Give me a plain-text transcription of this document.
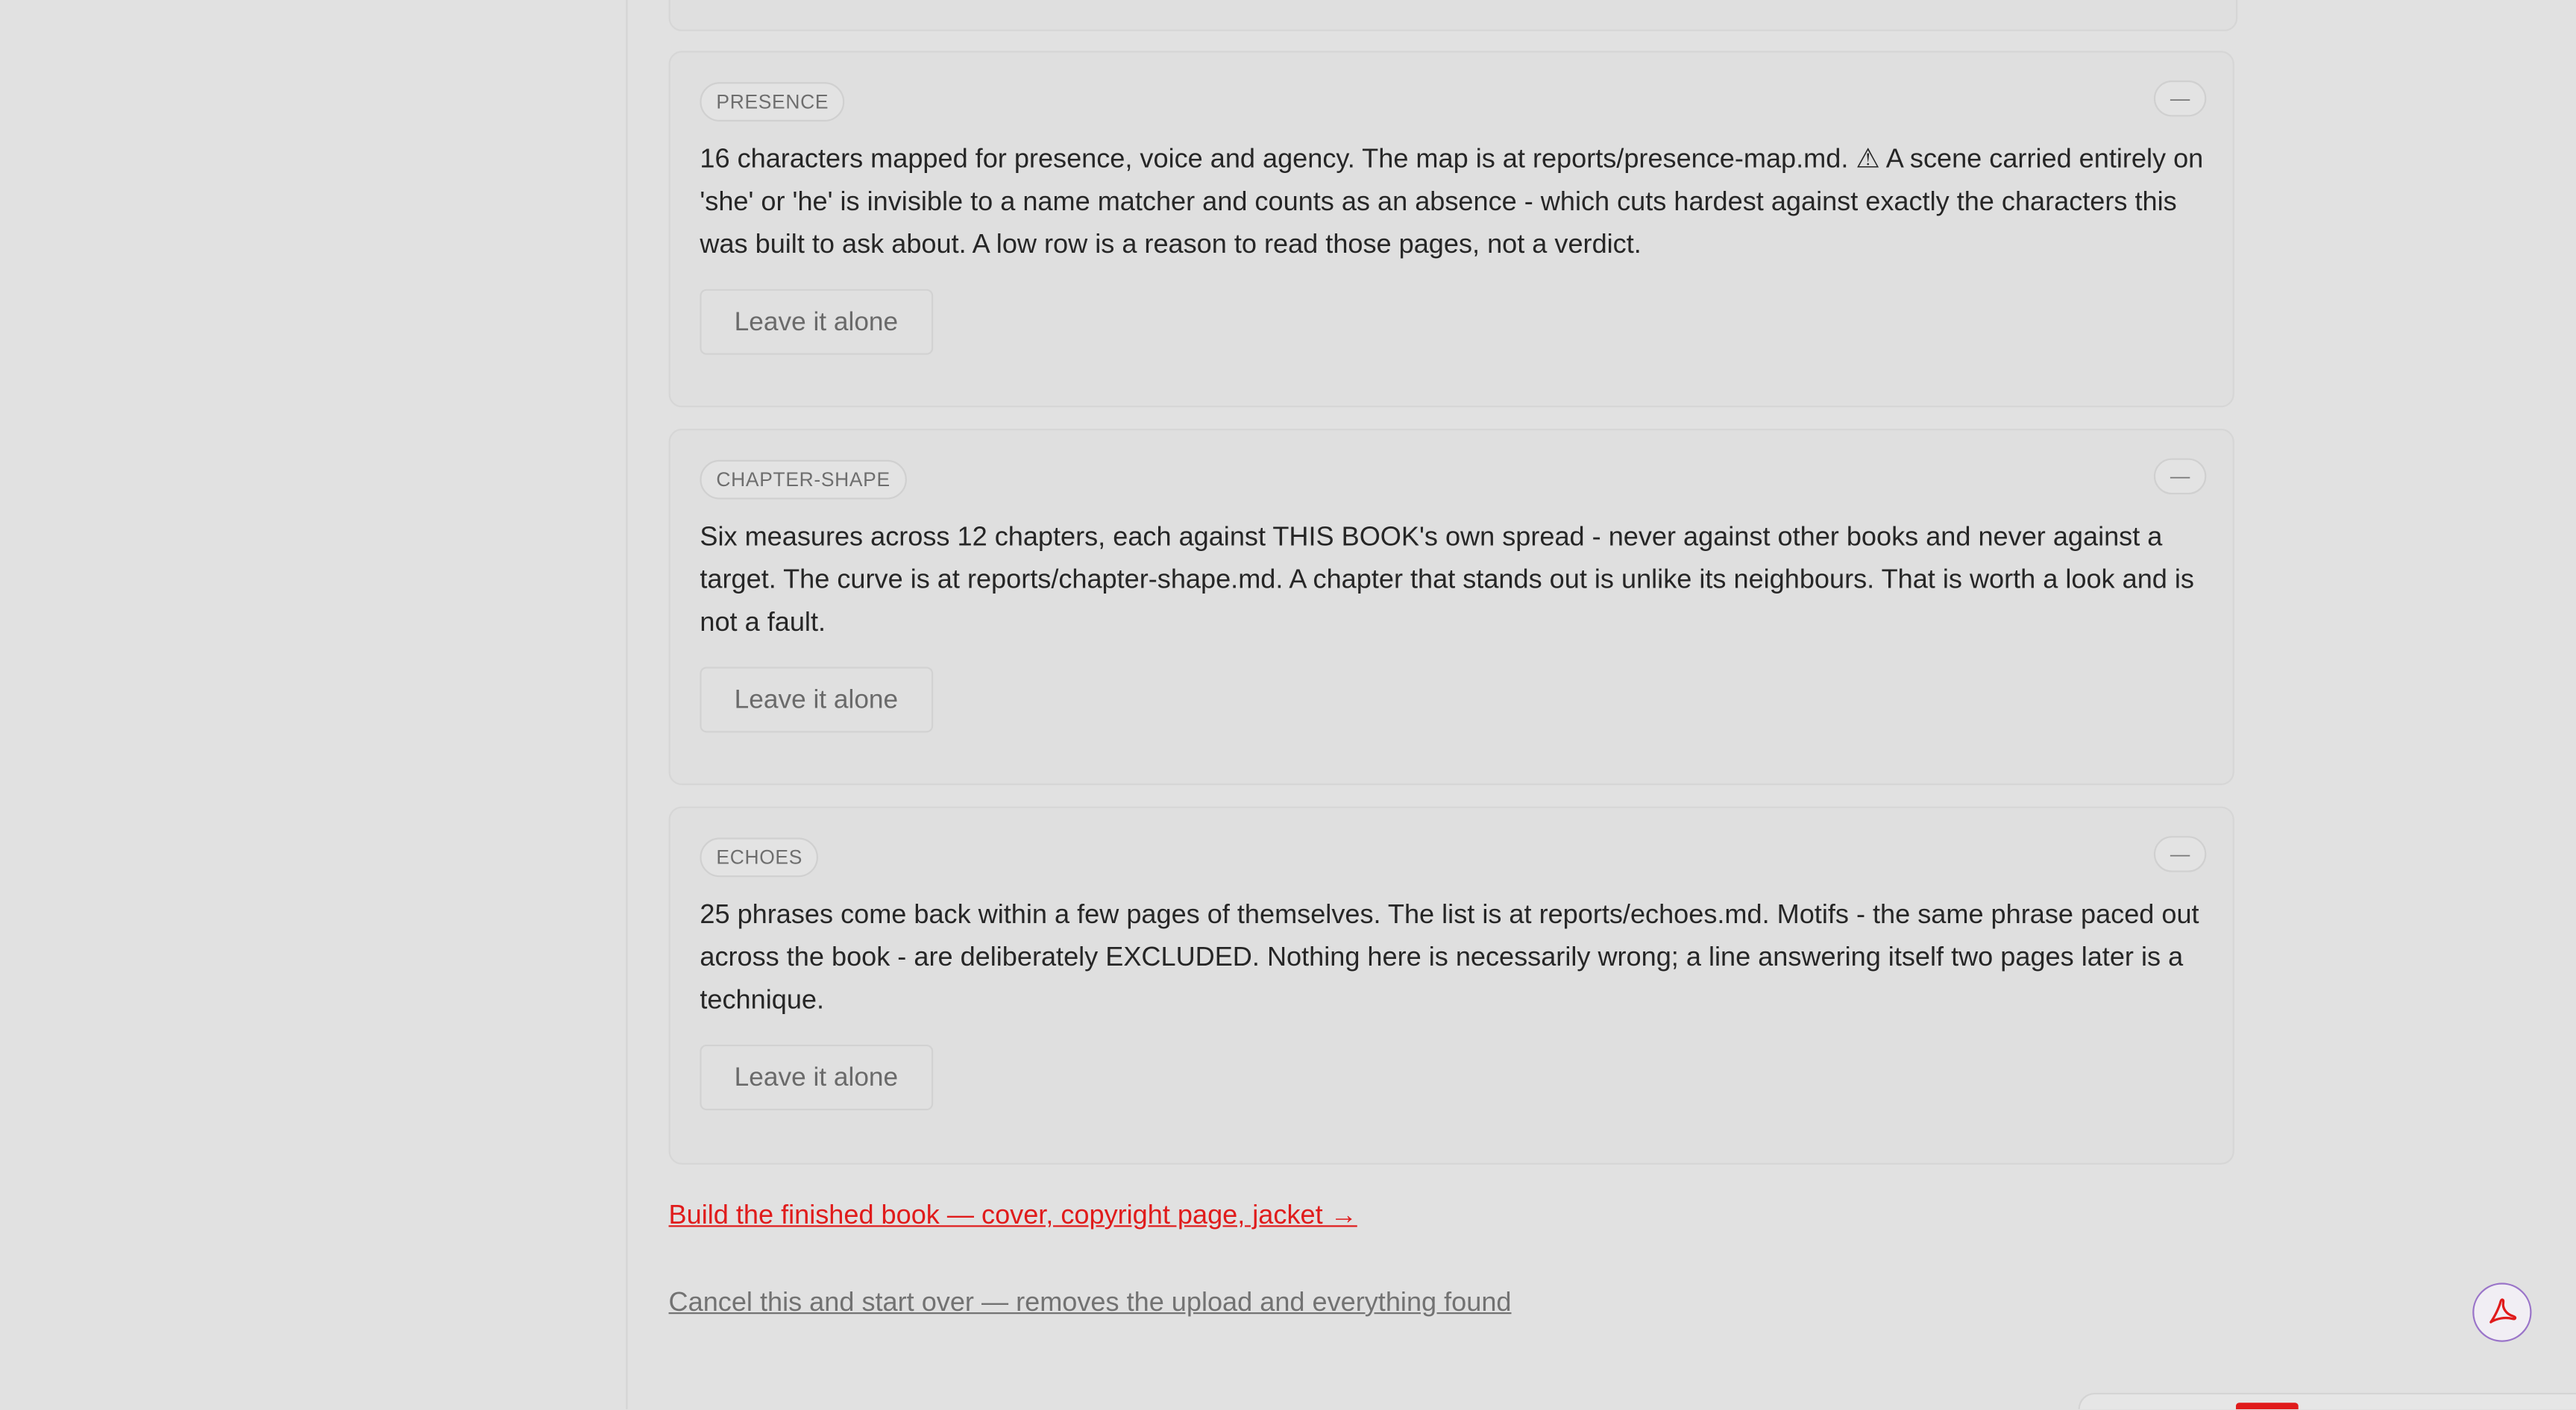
PRESENCE	—
16 characters mapped for presence, voice and agency. The map is at reports/presence-map.md. ⚠ A scene carried entirely on 'she' or 'he' is invisible to a name matcher and counts as an absence - which cuts hardest against exactly the characters this was built to ask about. A low row is a reason to read those pages, not a verdict.
Leave it alone
CHAPTER-SHAPE	—
Six measures across 12 chapters, each against THIS BOOK's own spread - never against other books and never against a target. The curve is at reports/chapter-shape.md. A chapter that stands out is unlike its neighbours. That is worth a look and is not a fault.
Leave it alone
ECHOES	—
25 phrases come back within a few pages of themselves. The list is at reports/echoes.md. Motifs - the same phrase paced out across the book - are deliberately EXCLUDED. Nothing here is necessarily wrong; a line answering itself two pages later is a technique.
Leave it alone
Build the finished book — cover, copyright page, jacket →
Cancel this and start over — removes the upload and everything found
